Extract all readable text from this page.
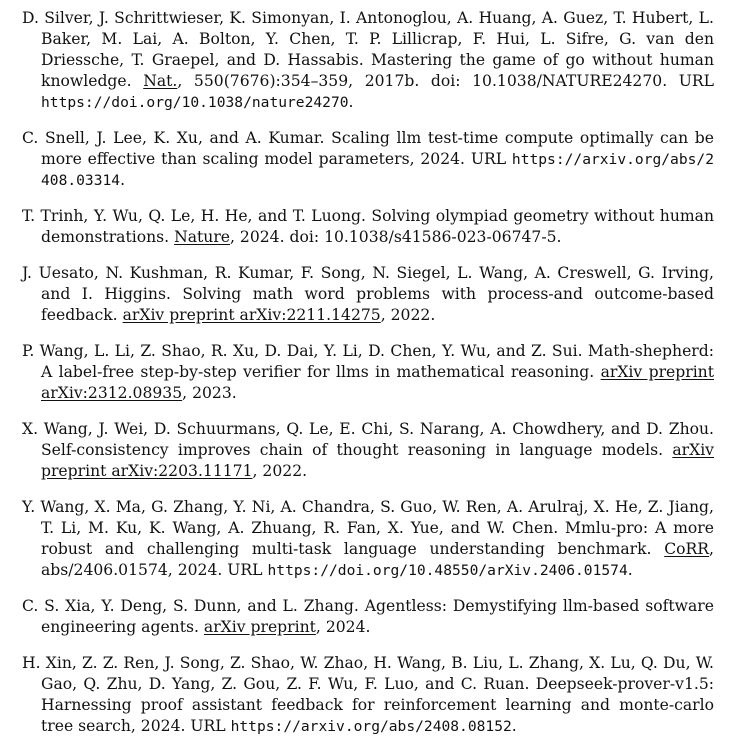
D. Silver, J. Schrittwieser, K. Simonyan, I. Antonoglou, A. Huang, A. Guez, T. Hubert, L. Baker, M. Lai, A. Bolton, Y. Chen, T. P. Lillicrap, F. Hui, L. Sifre, G. van den Driessche, T. Graepel, and D. Hassabis. Mastering the game of go without human knowledge. Nat., 550(7676):354–359, 2017b. doi: 10.1038/NATURE24270. URL https://doi.org/10.1038/nature24270.

C. Snell, J. Lee, K. Xu, and A. Kumar. Scaling llm test-time compute optimally can be more effective than scaling model parameters, 2024. URL https://arxiv.org/abs/2408.03314.

T. Trinh, Y. Wu, Q. Le, H. He, and T. Luong. Solving olympiad geometry without human demonstrations. Nature, 2024. doi: 10.1038/s41586-023-06747-5.

J. Uesato, N. Kushman, R. Kumar, F. Song, N. Siegel, L. Wang, A. Creswell, G. Irving, and I. Higgins. Solving math word problems with process-and outcome-based feedback. arXiv preprint arXiv:2211.14275, 2022.

P. Wang, L. Li, Z. Shao, R. Xu, D. Dai, Y. Li, D. Chen, Y. Wu, and Z. Sui. Math-shepherd: A label-free step-by-step verifier for llms in mathematical reasoning. arXiv preprint arXiv:2312.08935, 2023.

X. Wang, J. Wei, D. Schuurmans, Q. Le, E. Chi, S. Narang, A. Chowdhery, and D. Zhou. Self-consistency improves chain of thought reasoning in language models. arXiv preprint arXiv:2203.11171, 2022.

Y. Wang, X. Ma, G. Zhang, Y. Ni, A. Chandra, S. Guo, W. Ren, A. Arulraj, X. He, Z. Jiang, T. Li, M. Ku, K. Wang, A. Zhuang, R. Fan, X. Yue, and W. Chen. Mmlu-pro: A more robust and challenging multi-task language understanding benchmark. CoRR, abs/2406.01574, 2024. URL https://doi.org/10.48550/arXiv.2406.01574.

C. S. Xia, Y. Deng, S. Dunn, and L. Zhang. Agentless: Demystifying llm-based software engineering agents. arXiv preprint, 2024.

H. Xin, Z. Z. Ren, J. Song, Z. Shao, W. Zhao, H. Wang, B. Liu, L. Zhang, X. Lu, Q. Du, W. Gao, Q. Zhu, D. Yang, Z. Gou, Z. F. Wu, F. Luo, and C. Ruan. Deepseek-prover-v1.5: Harnessing proof assistant feedback for reinforcement learning and monte-carlo tree search, 2024. URL https://arxiv.org/abs/2408.08152.
